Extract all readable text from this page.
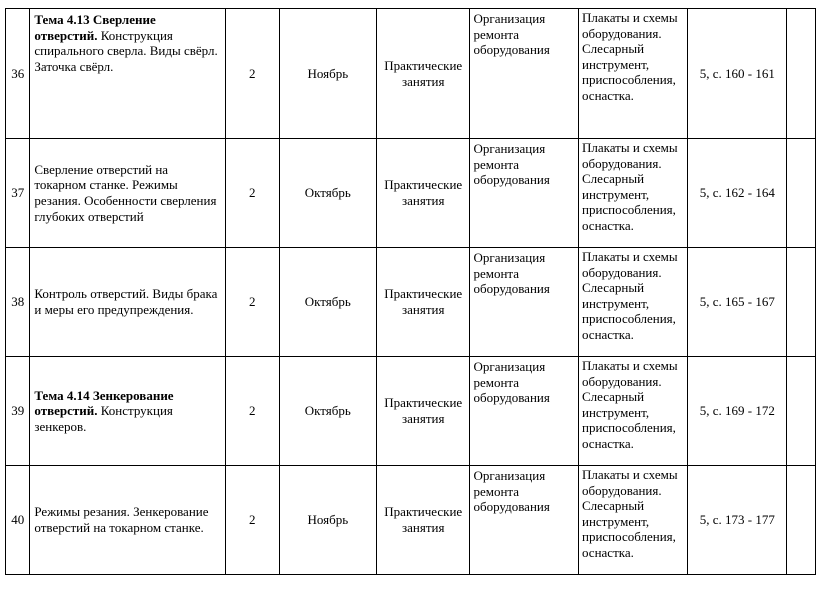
36	Тема 4.13 Сверление отверстий. Конструкция спирального сверла. Виды свёрл. Заточка свёрл.	2	Ноябрь	Практические занятия	Организация ремонта оборудования	Плакаты и схемы оборудования. Слесарный инструмент, приспособления, оснастка.	5, с. 160 - 161	
37	Сверление отверстий на токарном станке. Режимы резания. Особенности сверления глубоких отверстий	2	Октябрь	Практические занятия	Организация ремонта оборудования	Плакаты и схемы оборудования. Слесарный инструмент, приспособления, оснастка.	5, с. 162 - 164	
38	Контроль отверстий. Виды брака и меры его предупреждения.	2	Октябрь	Практические занятия	Организация ремонта оборудования	Плакаты и схемы оборудования. Слесарный инструмент, приспособления, оснастка.	5, с. 165 - 167	
39	Тема 4.14 Зенкерование отверстий. Конструкция зенкеров.	2	Октябрь	Практические занятия	Организация ремонта оборудования	Плакаты и схемы оборудования. Слесарный инструмент, приспособления, оснастка.	5, с. 169 - 172	
40	Режимы резания. Зенкерование отверстий на токарном станке.	2	Ноябрь	Практические занятия	Организация ремонта оборудования	Плакаты и схемы оборудования. Слесарный инструмент, приспособления, оснастка.	5, с. 173 - 177	
